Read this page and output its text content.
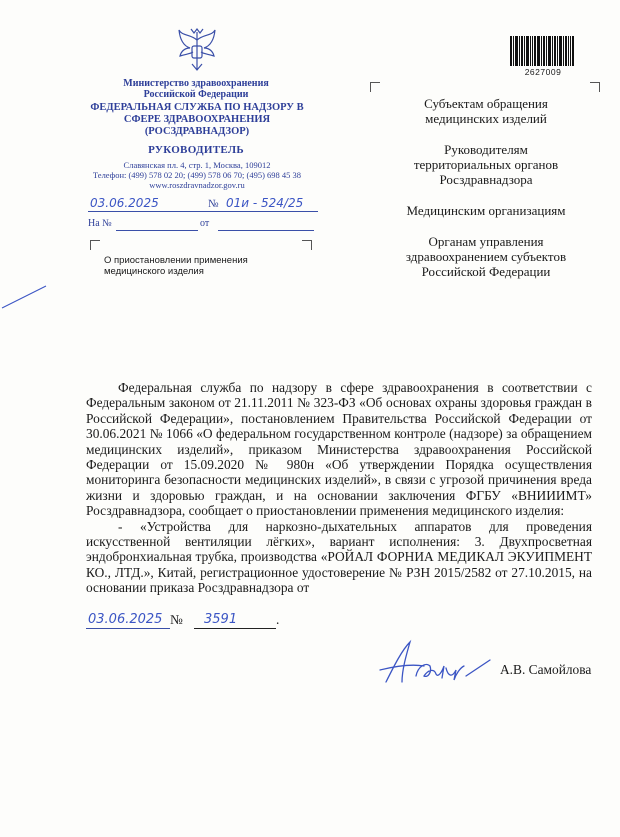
Министерство здравоохранения Российской Федерации
ФЕДЕРАЛЬНАЯ СЛУЖБА ПО НАДЗОРУ В СФЕРЕ ЗДРАВООХРАНЕНИЯ (РОСЗДРАВНАДЗОР)
РУКОВОДИТЕЛЬ
Славянская пл. 4, стр. 1, Москва, 109012
Телефон: (499) 578 02 20; (499) 578 06 70; (495) 698 45 38
www.roszdravnadzor.gov.ru
03.06.2025	№ 01и - 524/25
На №	от
О приостановлении применения медицинского изделия
2627009
Субъектам обращения медицинских изделий
Руководителям территориальных органов Росздравнадзора
Медицинским организациям
Органам управления здравоохранением субъектов Российской Федерации

Федеральная служба по надзору в сфере здравоохранения в соответствии с Федеральным законом от 21.11.2011 № 323-ФЗ «Об основах охраны здоровья граждан в Российской Федерации», постановлением Правительства Российской Федерации от 30.06.2021 № 1066 «О федеральном государственном контроле (надзоре) за обращением медицинских изделий», приказом Министерства здравоохранения Российской Федерации от 15.09.2020 № 980н «Об утверждении Порядка осуществления мониторинга безопасности медицинских изделий», в связи с угрозой причинения вреда жизни и здоровью граждан, и на основании заключения ФГБУ «ВНИИИМТ» Росздравнадзора, сообщает о приостановлении применения медицинского изделия:

- «Устройства для наркозно-дыхательных аппаратов для проведения искусственной вентиляции лёгких», вариант исполнения: 3. Двухпросветная эндобронхиальная трубка, производства «РОЙАЛ ФОРНИА МЕДИКАЛ ЭКУИПМЕНТ КО., ЛТД.», Китай, регистрационное удостоверение № РЗН 2015/2582 от 27.10.2015, на основании приказа Росздравнадзора от

03.06.2025 № 3591	.
А.В. Самойлова
